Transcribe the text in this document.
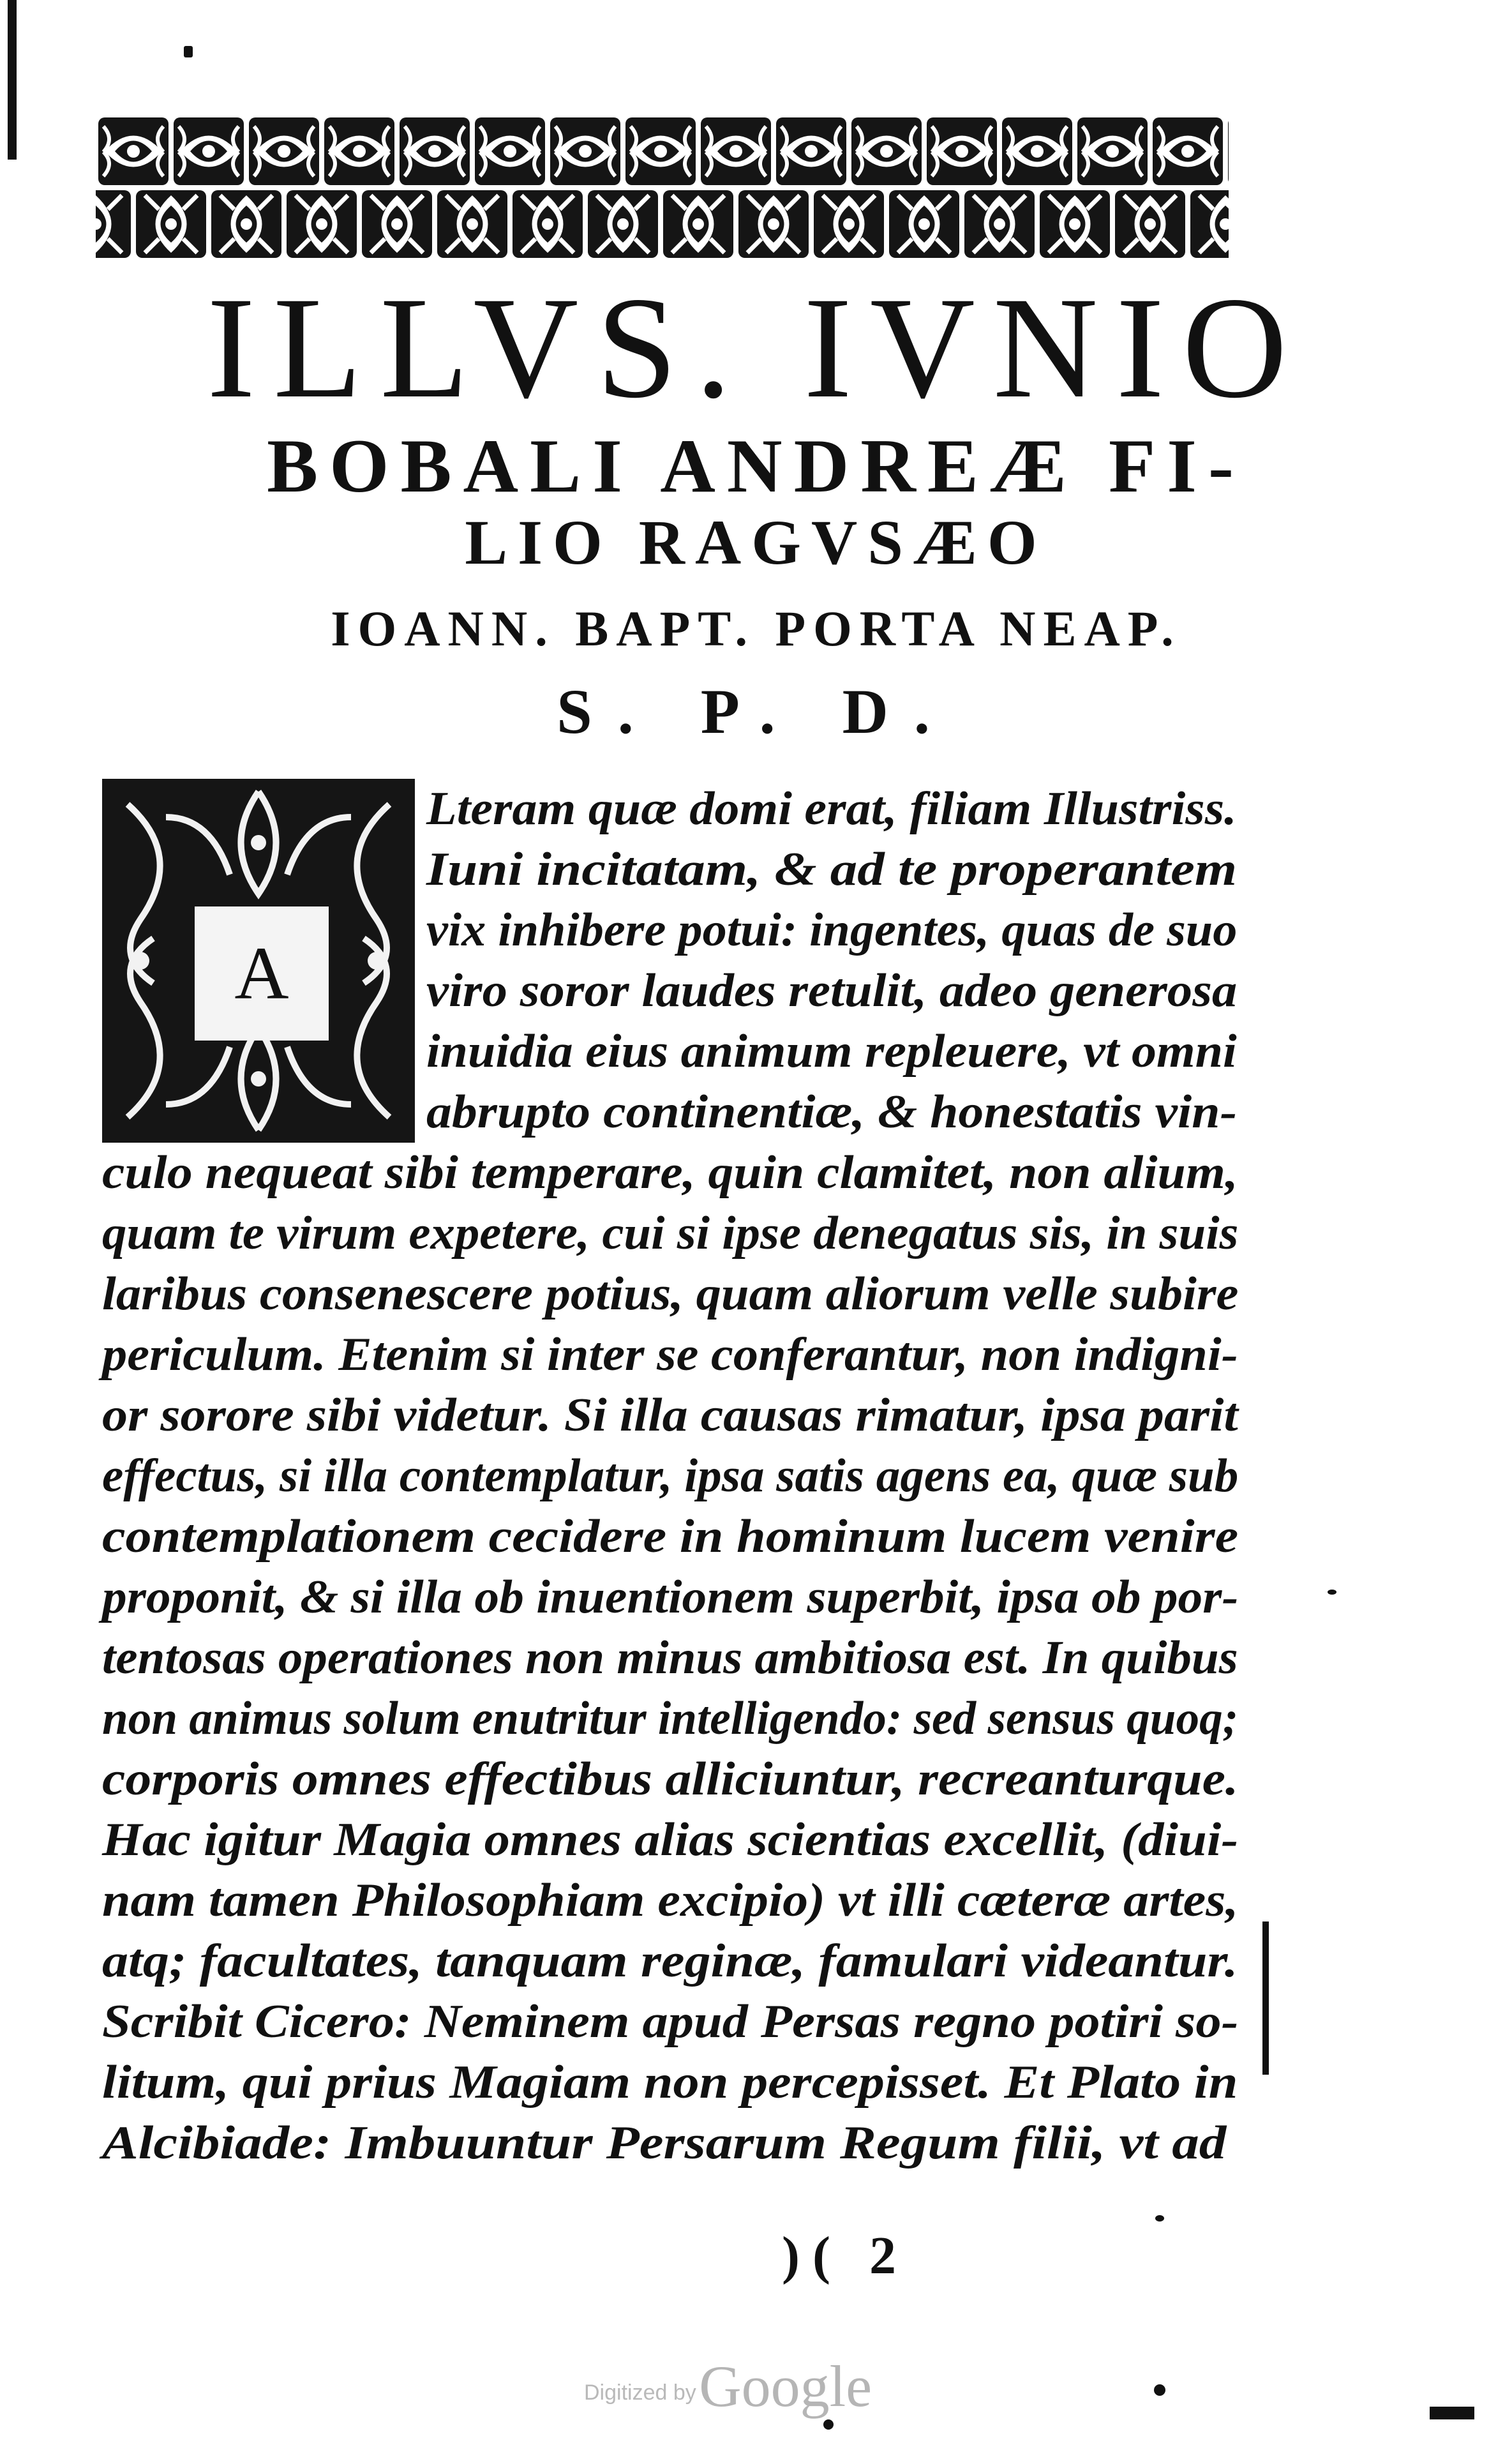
ILLVS. IVNIO
BOBALI ANDREÆ FI-
LIO RAGVSÆO
IOANN. BAPT. PORTA NEAP.
S. P. D.
A
Lteram quæ domi erat, filiam Illustriss.
Iuni incitatam, & ad te properantem
vix inhibere potui: ingentes, quas de suo
viro soror laudes retulit, adeo generosa
inuidia eius animum repleuere, vt omni
abrupto continentiæ, & honestatis vin-
culo nequeat sibi temperare, quin clamitet, non alium,
quam te virum expetere, cui si ipse denegatus sis, in suis
laribus consenescere potius, quam aliorum velle subire
periculum. Etenim si inter se conferantur, non indigni-
or sorore sibi videtur. Si illa causas rimatur, ipsa parit
effectus, si illa contemplatur, ipsa satis agens ea, quæ sub
contemplationem cecidere in hominum lucem venire
proponit, & si illa ob inuentionem superbit, ipsa ob por-
tentosas operationes non minus ambitiosa est. In quibus
non animus solum enutritur intelligendo: sed sensus quoq;
corporis omnes effectibus alliciuntur, recreanturque.
Hac igitur Magia omnes alias scientias excellit, (diui-
nam tamen Philosophiam excipio) vt illi cæteræ artes,
atq; facultates, tanquam reginæ, famulari videantur.
Scribit Cicero: Neminem apud Persas regno potiri so-
litum, qui prius Magiam non percepisset. Et Plato in
Alcibiade: Imbuuntur Persarum Regum filii, vt ad
)( 2
Digitized by Google
